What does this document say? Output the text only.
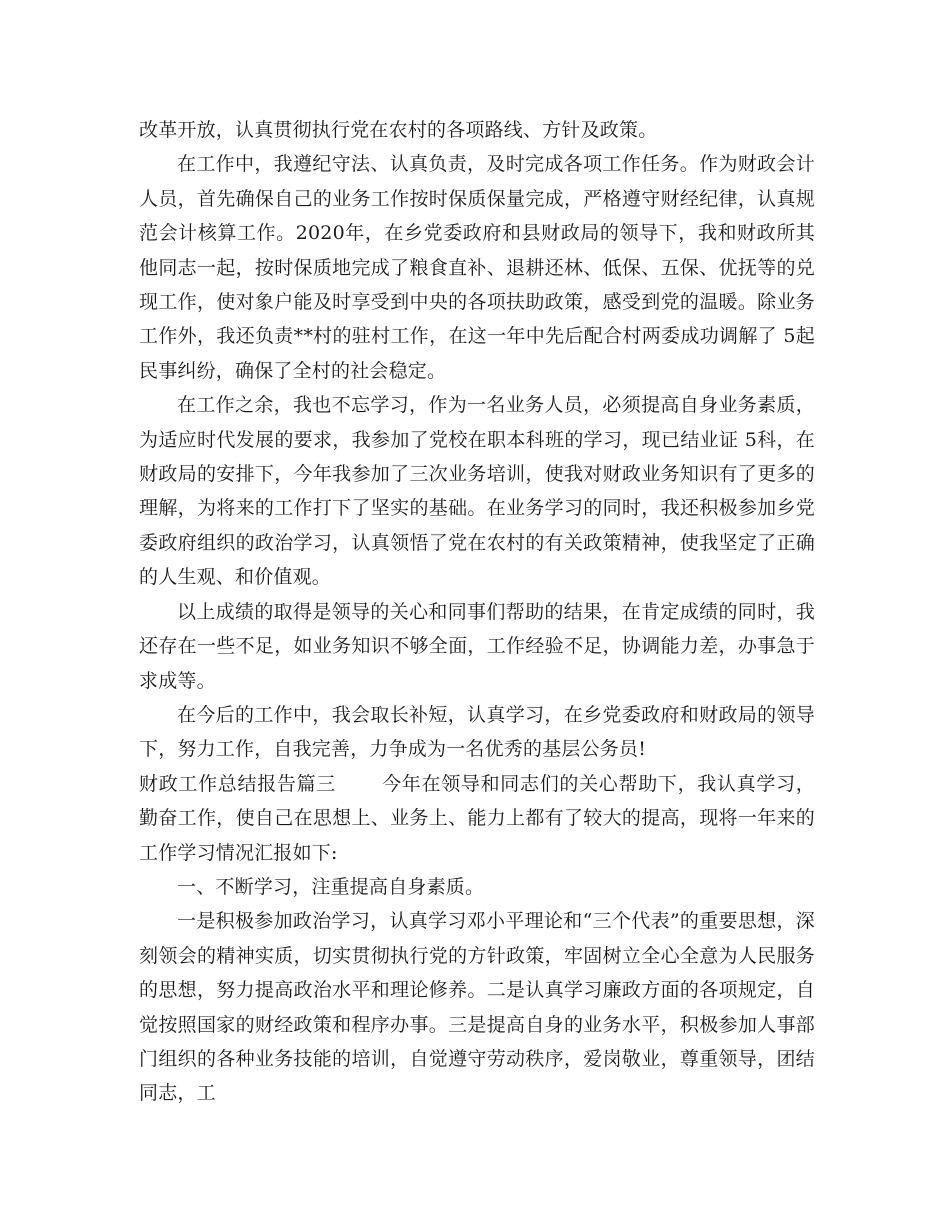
改革开放，认真贯彻执行党在农村的各项路线、方针及政策。

在工作中，我遵纪守法、认真负责，及时完成各项工作任务。作为财政会计人员，首先确保自己的业务工作按时保质保量完成，严格遵守财经纪律，认真规范会计核算工作。2020年，在乡党委政府和县财政局的领导下，我和财政所其他同志一起，按时保质地完成了粮食直补、退耕还林、低保、五保、优抚等的兑现工作，使对象户能及时享受到中央的各项扶助政策，感受到党的温暖。除业务工作外，我还负责**村的驻村工作，在这一年中先后配合村两委成功调解了 5起民事纠纷，确保了全村的社会稳定。

在工作之余，我也不忘学习，作为一名业务人员，必须提高自身业务素质，为适应时代发展的要求，我参加了党校在职本科班的学习，现已结业证 5科，在财政局的安排下，今年我参加了三次业务培训，使我对财政业务知识有了更多的理解，为将来的工作打下了坚实的基础。在业务学习的同时，我还积极参加乡党委政府组织的政治学习，认真领悟了党在农村的有关政策精神，使我坚定了正确的人生观、和价值观。

以上成绩的取得是领导的关心和同事们帮助的结果，在肯定成绩的同时，我还存在一些不足，如业务知识不够全面，工作经验不足，协调能力差，办事急于求成等。

在今后的工作中，我会取长补短，认真学习，在乡党委政府和财政局的领导下，努力工作，自我完善，力争成为一名优秀的基层公务员!

财政工作总结报告篇三 今年在领导和同志们的关心帮助下，我认真学习，勤奋工作，使自己在思想上、业务上、能力上都有了较大的提高，现将一年来的工作学习情况汇报如下:

一、不断学习，注重提高自身素质。

一是积极参加政治学习，认真学习邓小平理论和“三个代表”的重要思想，深刻领会的精神实质，切实贯彻执行党的方针政策，牢固树立全心全意为人民服务的思想，努力提高政治水平和理论修养。二是认真学习廉政方面的各项规定，自觉按照国家的财经政策和程序办事。三是提高自身的业务水平，积极参加人事部门组织的各种业务技能的培训，自觉遵守劳动秩序，爱岗敬业，尊重领导，团结同志，工
